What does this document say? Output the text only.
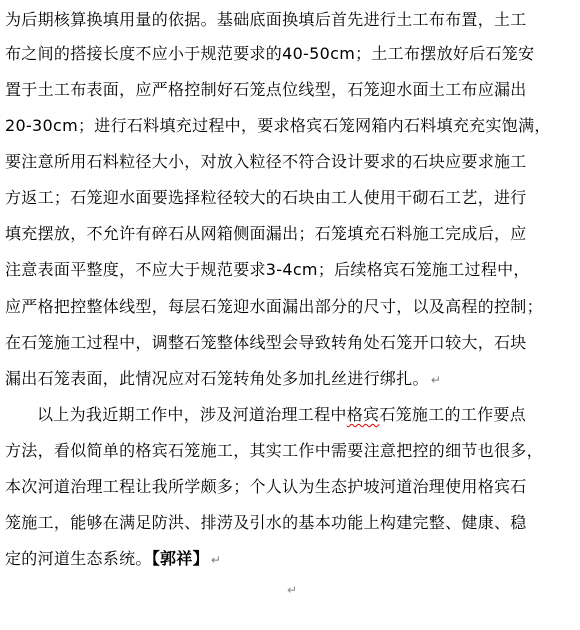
为后期核算换填用量的依据。基础底面换填后首先进行土工布布置，土工
布之间的搭接长度不应小于规范要求的40-50cm；土工布摆放好后石笼安
置于土工布表面，应严格控制好石笼点位线型，石笼迎水面土工布应漏出
20-30cm；进行石料填充过程中，要求格宾石笼网箱内石料填充充实饱满，
要注意所用石料粒径大小，对放入粒径不符合设计要求的石块应要求施工
方返工；石笼迎水面要选择粒径较大的石块由工人使用干砌石工艺，进行
填充摆放，不允许有碎石从网箱侧面漏出；石笼填充石料施工完成后，应
注意表面平整度，不应大于规范要求3-4cm；后续格宾石笼施工过程中，
应严格把控整体线型，每层石笼迎水面漏出部分的尺寸，以及高程的控制；
在石笼施工过程中，调整石笼整体线型会导致转角处石笼开口较大，石块
漏出石笼表面，此情况应对石笼转角处多加扎丝进行绑扎。 ↵
以上为我近期工作中，涉及河道治理工程中格宾石笼施工的工作要点
方法，看似简单的格宾石笼施工，其实工作中需要注意把控的细节也很多，
本次河道治理工程让我所学颇多；个人认为生态护坡河道治理使用格宾石
笼施工，能够在满足防洪、排涝及引水的基本功能上构建完整、健康、稳
定的河道生态系统。【郭祥】 ↵
↵
